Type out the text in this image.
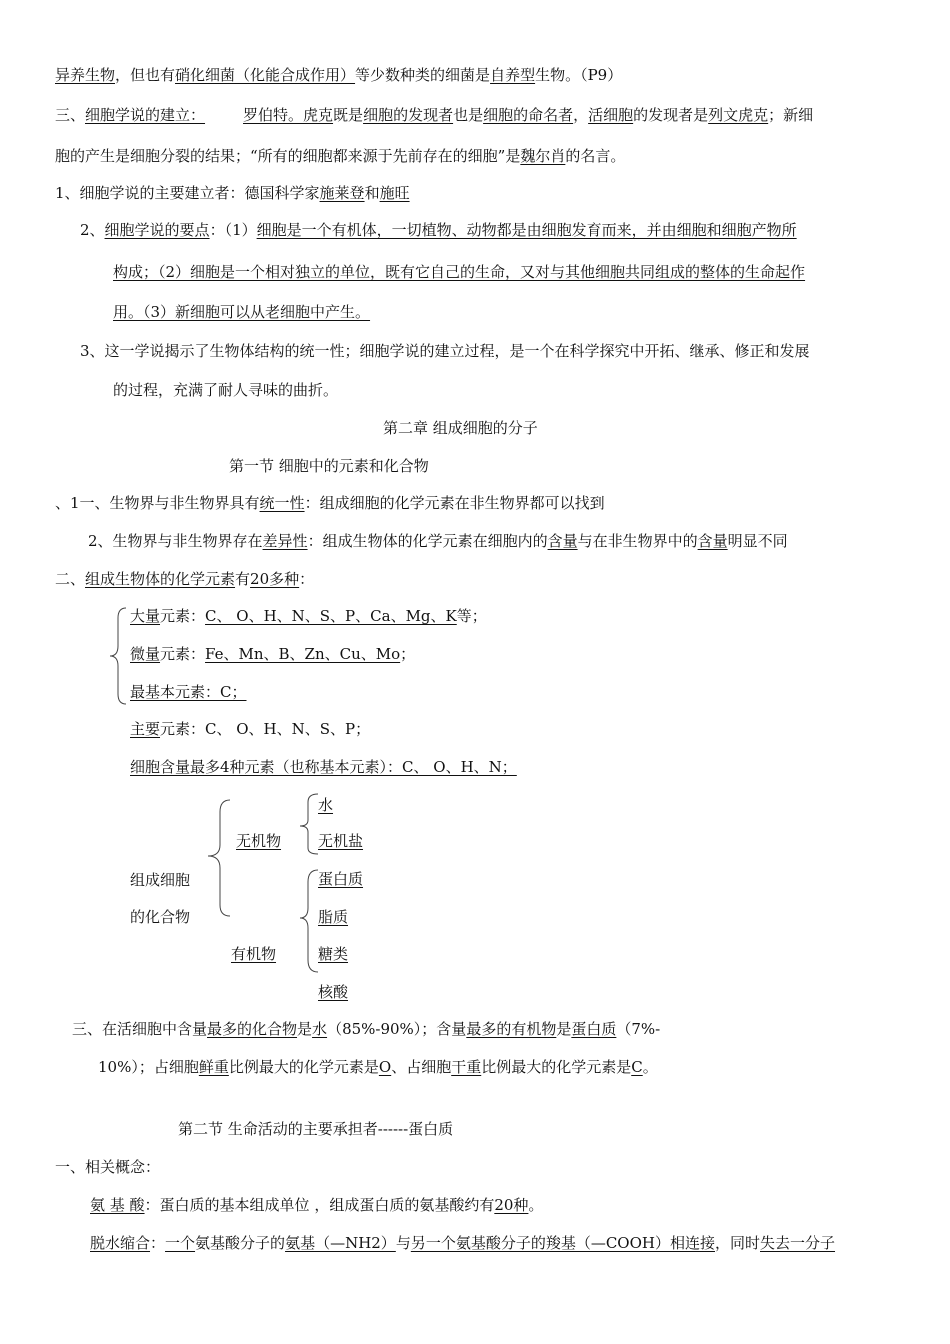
异养生物，但也有硝化细菌（化能合成作用）等少数种类的细菌是自养型生物。（P9）
三、细胞学说的建立：	罗伯特。虎克既是细胞的发现者也是细胞的命名者，活细胞的发现者是列文虎克；新细
胞的产生是细胞分裂的结果；“所有的细胞都来源于先前存在的细胞”是魏尔肖的名言。
1、细胞学说的主要建立者：德国科学家施莱登和施旺
2、细胞学说的要点：（1）细胞是一个有机体，一切植物、动物都是由细胞发育而来，并由细胞和细胞产物所
构成；（2）细胞是一个相对独立的单位，既有它自己的生命，又对与其他细胞共同组成的整体的生命起作
用。（3）新细胞可以从老细胞中产生。
3、这一学说揭示了生物体结构的统一性；细胞学说的建立过程，是一个在科学探究中开拓、继承、修正和发展
的过程，充满了耐人寻味的曲折。
第二章 组成细胞的分子
第一节 细胞中的元素和化合物
、1一、生物界与非生物界具有统一性：组成细胞的化学元素在非生物界都可以找到
2、生物界与非生物界存在差异性：组成生物体的化学元素在细胞内的含量与在非生物界中的含量明显不同
二、组成生物体的化学元素有20多种：
大量元素：C、 O、H、N、S、P、Ca、Mg、K等；
微量元素：Fe、Mn、B、Zn、Cu、Mo；
最基本元素：C；
主要元素：C、 O、H、N、S、P；
细胞含量最多4种元素（也称基本元素）：C、 O、H、N；
组成细胞
的化合物
无机物
有机物
水
无机盐
蛋白质
脂质
糖类
核酸
三、在活细胞中含量最多的化合物是水（85%-90%）；含量最多的有机物是蛋白质（7%-
10%）；占细胞鲜重比例最大的化学元素是O、占细胞干重比例最大的化学元素是C。
第二节 生命活动的主要承担者------蛋白质
一、相关概念：
氨 基 酸：蛋白质的基本组成单位 ，组成蛋白质的氨基酸约有20种。
脱水缩合：一个氨基酸分子的氨基（—NH2）与另一个氨基酸分子的羧基（—COOH）相连接，同时失去一分子
